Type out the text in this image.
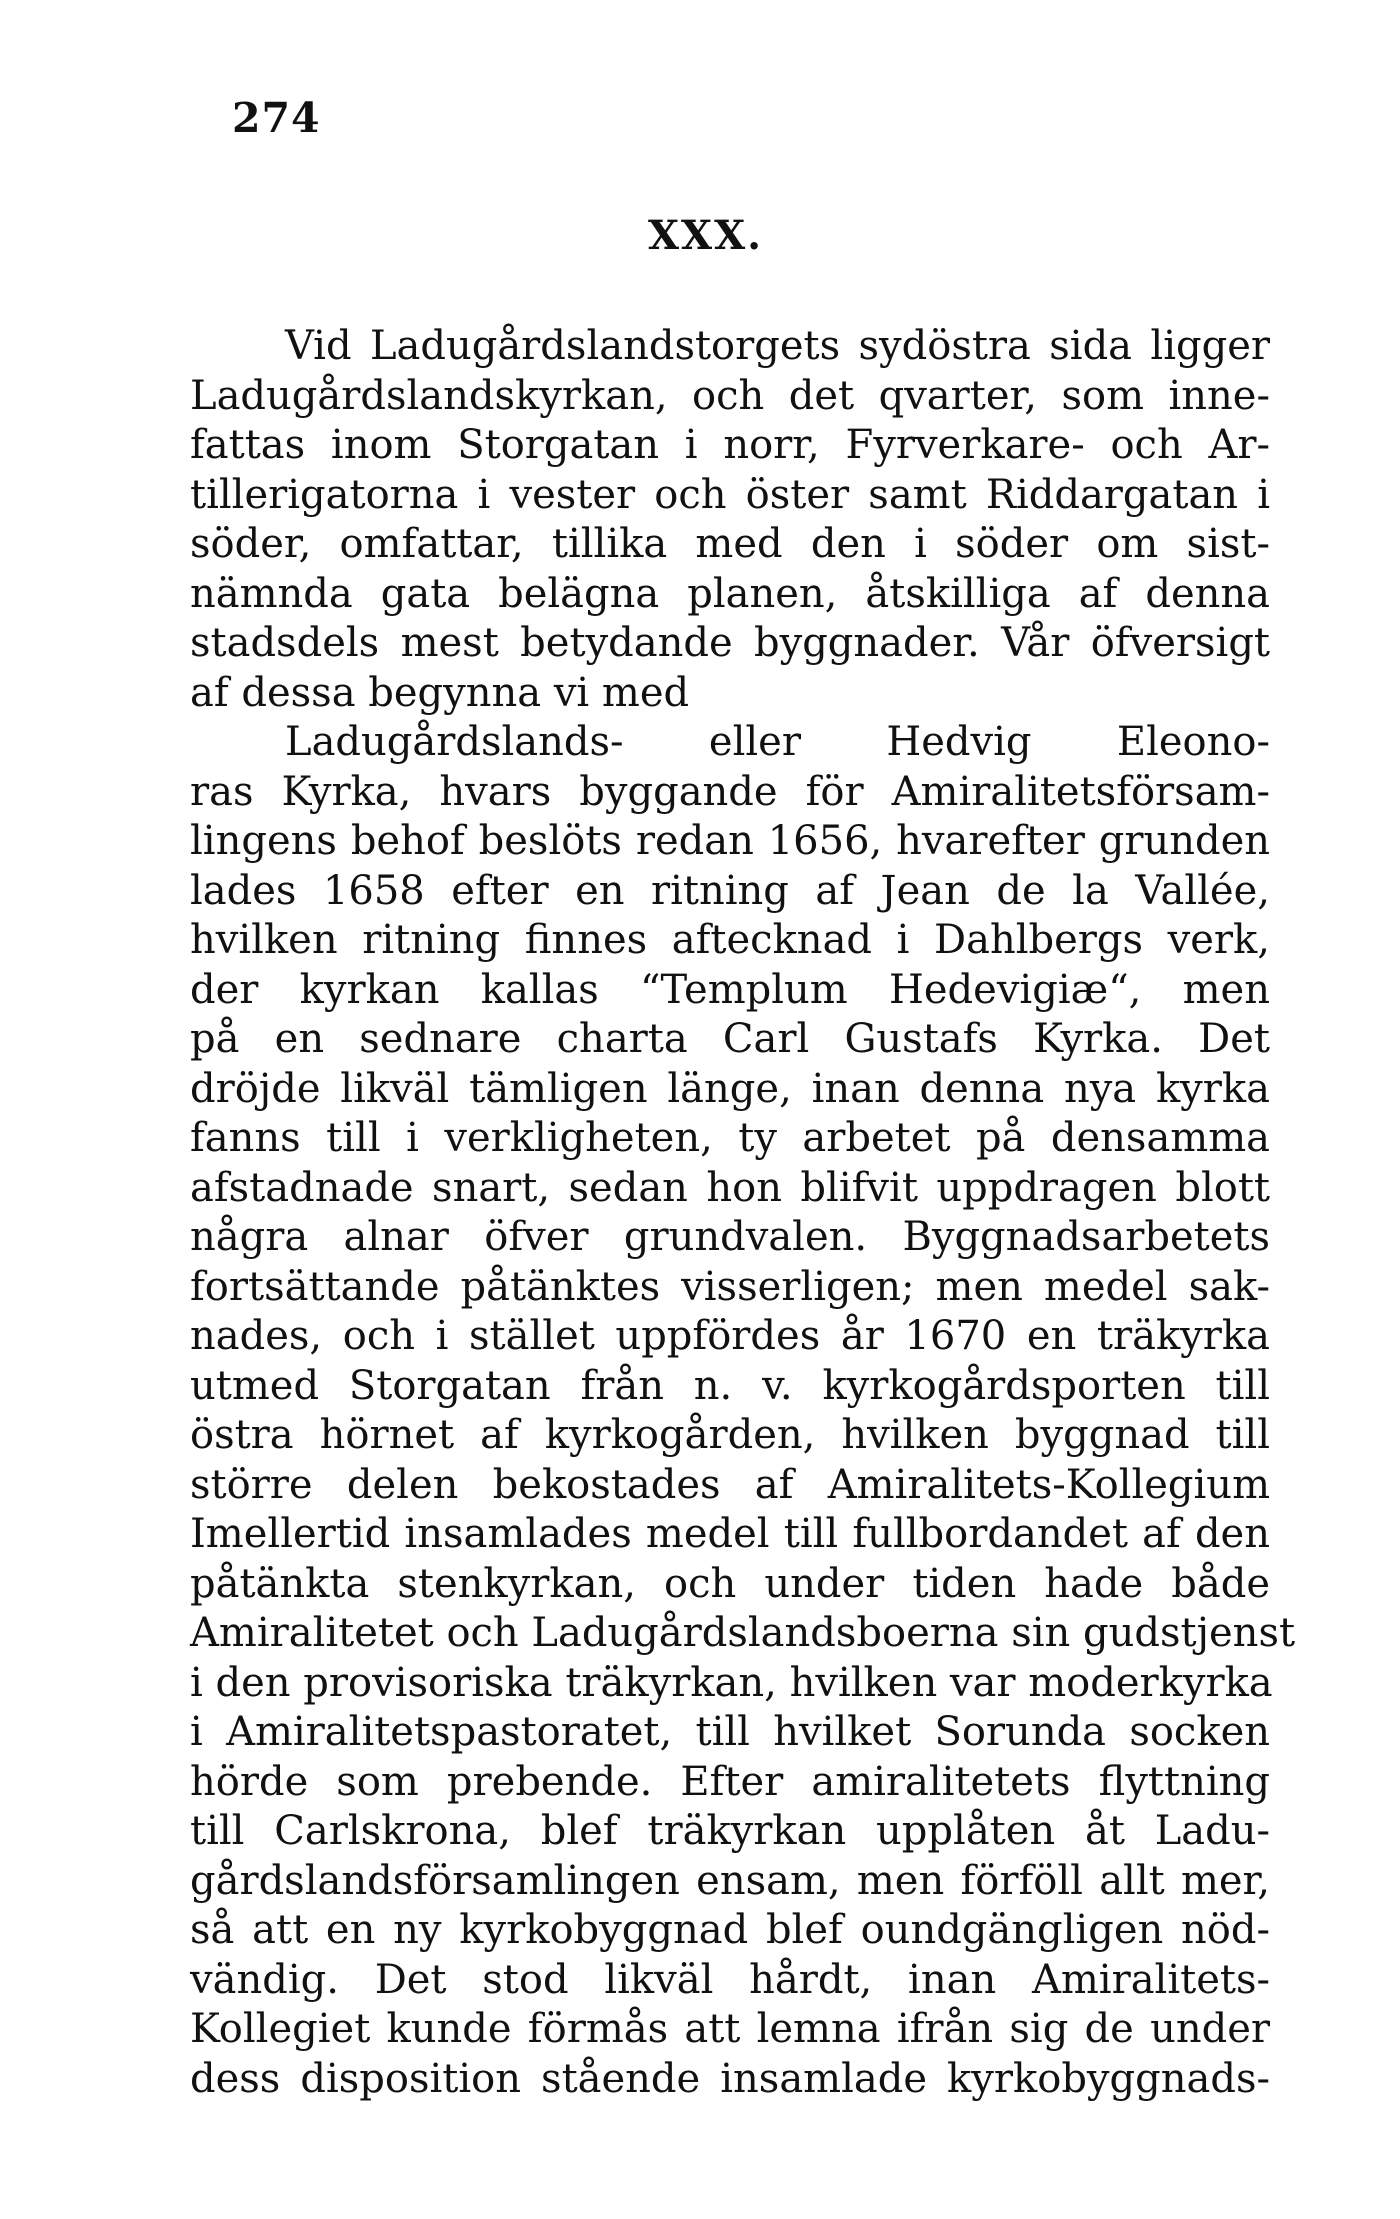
274
XXX.
Vid Ladugårdslandstorgets sydöstra sida ligger
Ladugårdslandskyrkan, och det qvarter, som inne-
fattas inom Storgatan i norr, Fyrverkare- och Ar-
tillerigatorna i vester och öster samt Riddargatan i
söder, omfattar, tillika med den i söder om sist-
nämnda gata belägna planen, åtskilliga af denna
stadsdels mest betydande byggnader. Vår öfversigt
af dessa begynna vi med
Ladugårdslands- eller Hedvig Eleono-
ras Kyrka, hvars byggande för Amiralitetsförsam-
lingens behof beslöts redan 1656, hvarefter grunden
lades 1658 efter en ritning af Jean de la Vallée,
hvilken ritning finnes aftecknad i Dahlbergs verk,
der kyrkan kallas “Templum Hedevigiæ“, men
på en sednare charta Carl Gustafs Kyrka. Det
dröjde likväl tämligen länge, inan denna nya kyrka
fanns till i verkligheten, ty arbetet på densamma
afstadnade snart, sedan hon blifvit uppdragen blott
några alnar öfver grundvalen. Byggnadsarbetets
fortsättande påtänktes visserligen; men medel sak-
nades, och i stället uppfördes år 1670 en träkyrka
utmed Storgatan från n. v. kyrkogårdsporten till
östra hörnet af kyrkogården, hvilken byggnad till
större delen bekostades af Amiralitets-Kollegium
Imellertid insamlades medel till fullbordandet af den
påtänkta stenkyrkan, och under tiden hade både
Amiralitetet och Ladugårdslandsboerna sin gudstjenst
i den provisoriska träkyrkan, hvilken var moderkyrka
i Amiralitetspastoratet, till hvilket Sorunda socken
hörde som prebende. Efter amiralitetets flyttning
till Carlskrona, blef träkyrkan upplåten åt Ladu-
gårdslandsförsamlingen ensam, men förföll allt mer,
så att en ny kyrkobyggnad blef oundgängligen nöd-
vändig. Det stod likväl hårdt, inan Amiralitets-
Kollegiet kunde förmås att lemna ifrån sig de under
dess disposition stående insamlade kyrkobyggnads-
